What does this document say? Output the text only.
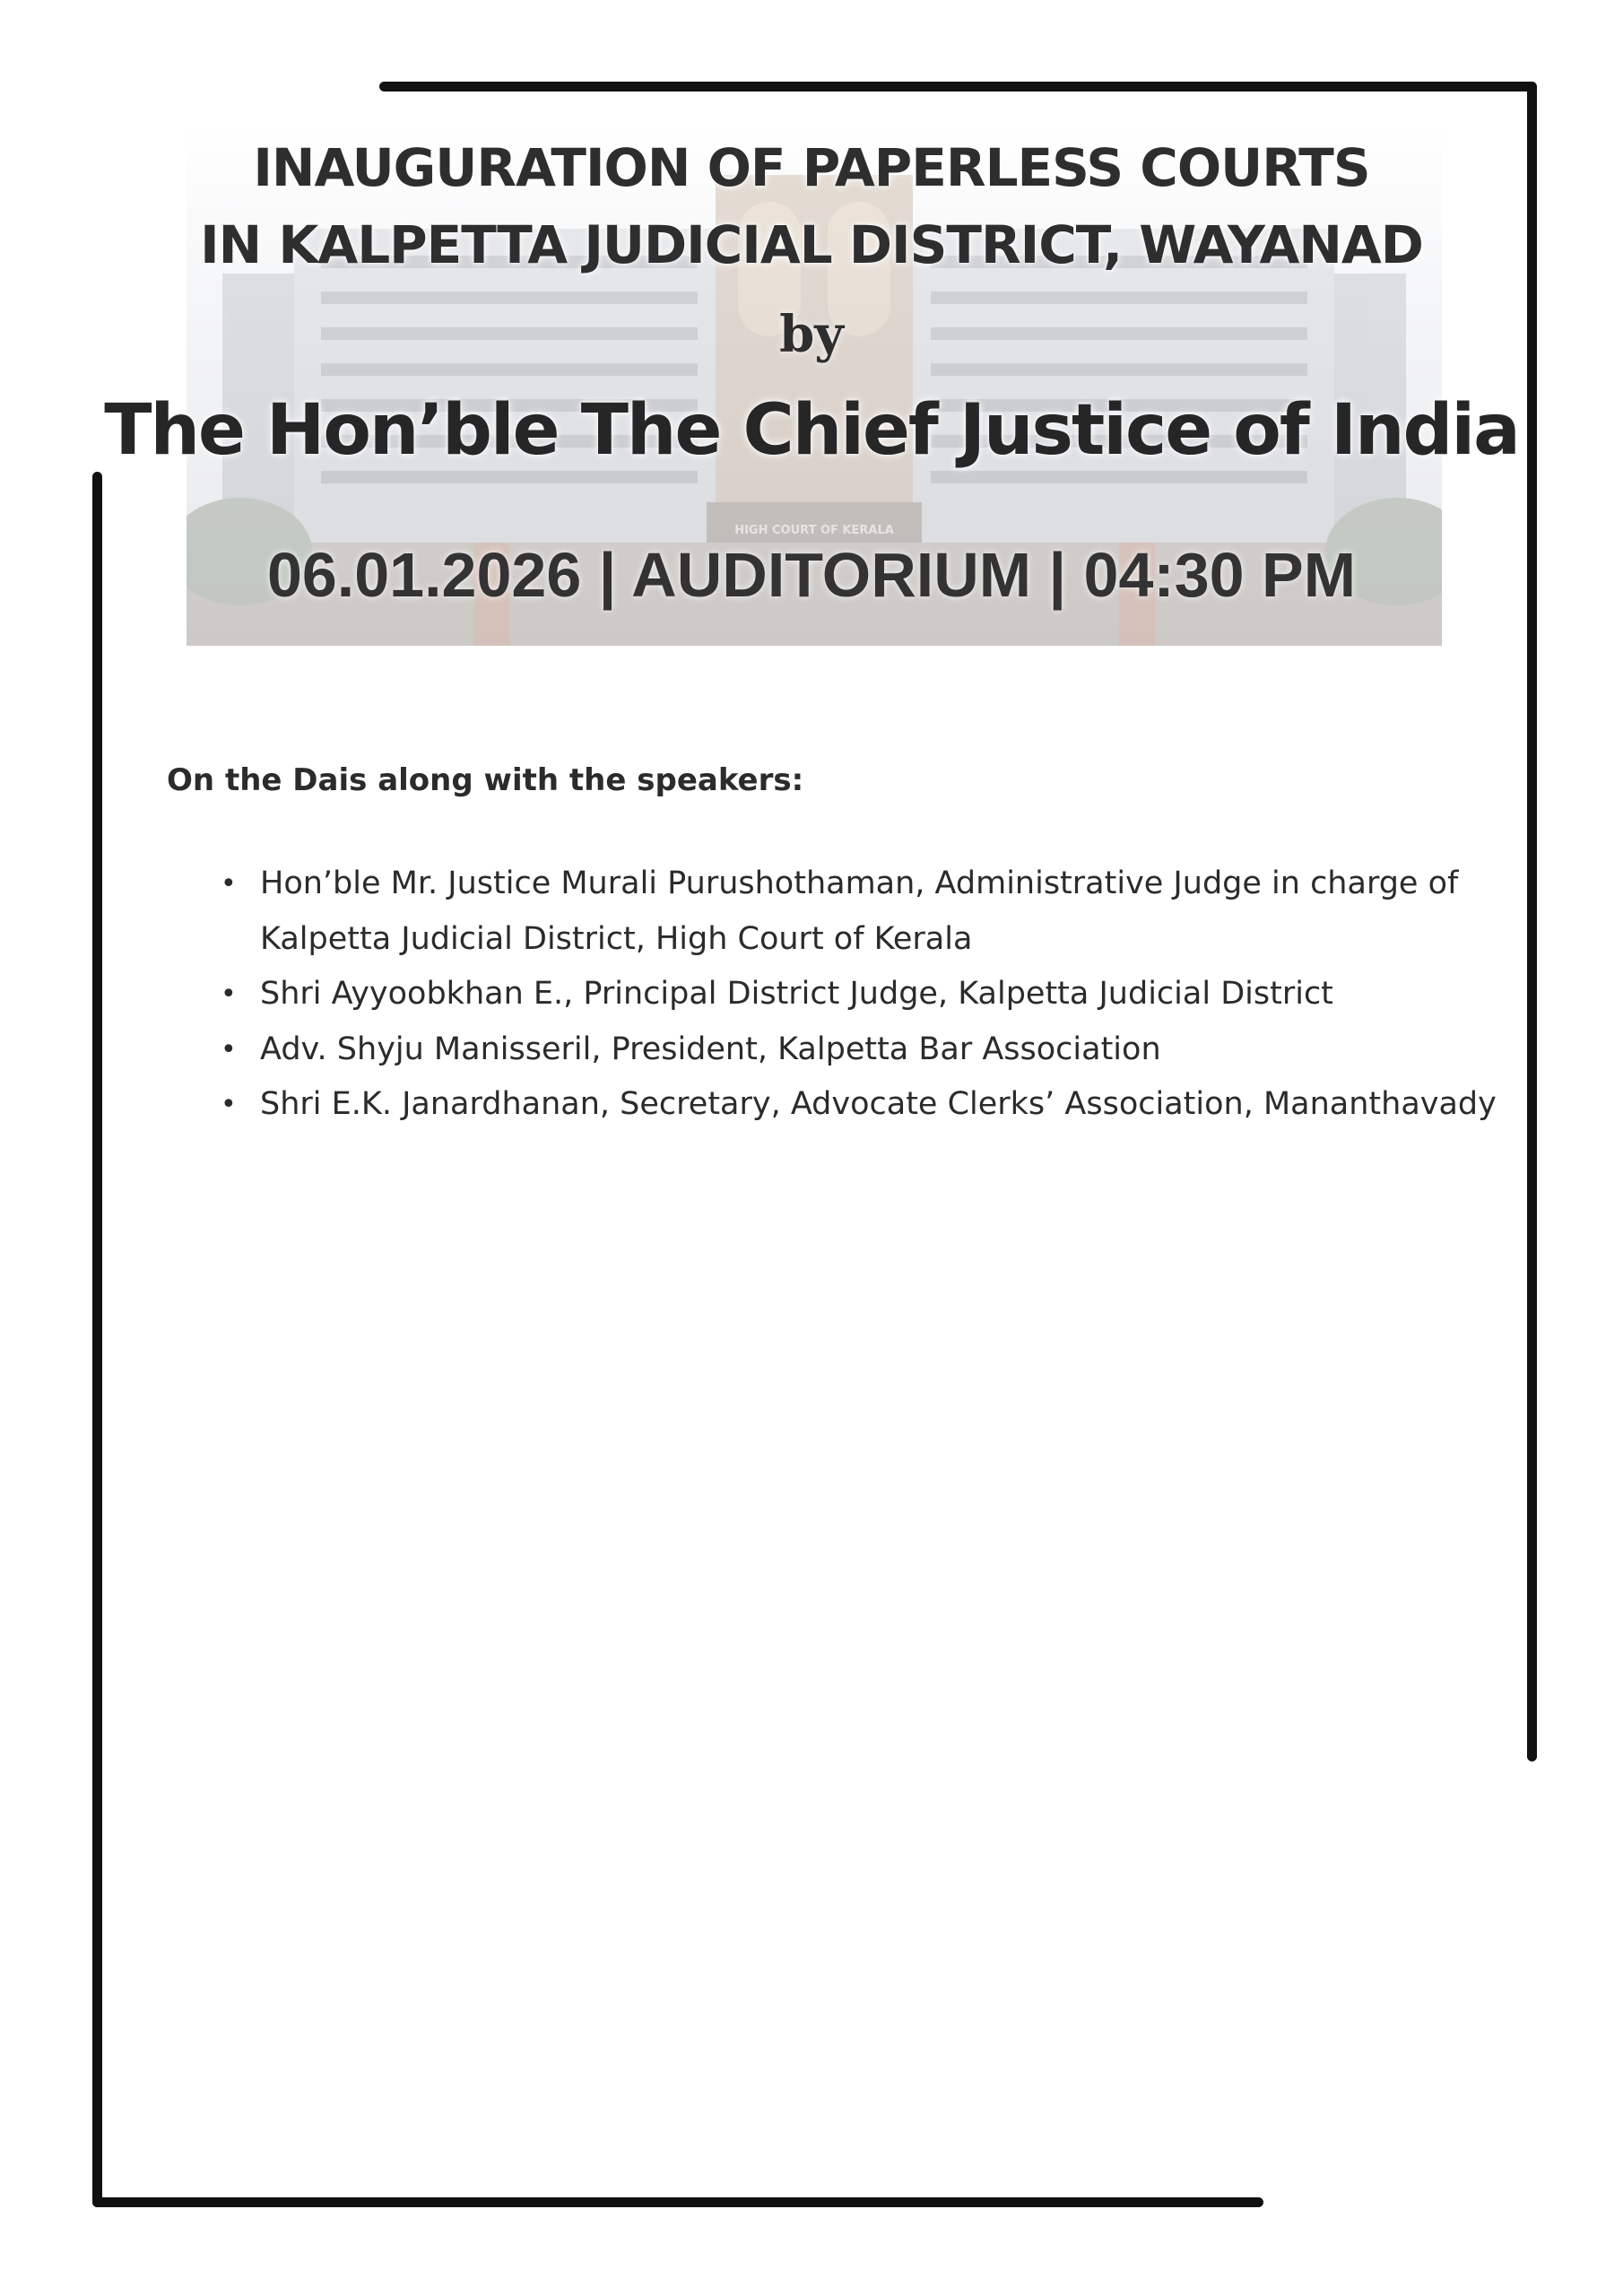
HIGH COURT OF KERALA
INAUGURATION OF PAPERLESS COURTS
IN KALPETTA JUDICIAL DISTRICT, WAYANAD
by
The Hon’ble The Chief Justice of India
06.01.2026 | AUDITORIUM | 04:30 PM
On the Dais along with the speakers:
• Hon’ble Mr. Justice Murali Purushothaman, Administrative Judge in charge of Kalpetta Judicial District, High Court of Kerala
• Shri Ayyoobkhan E., Principal District Judge, Kalpetta Judicial District
• Adv. Shyju Manisseril, President, Kalpetta Bar Association
• Shri E.K. Janardhanan, Secretary, Advocate Clerks’ Association, Mananthavady
